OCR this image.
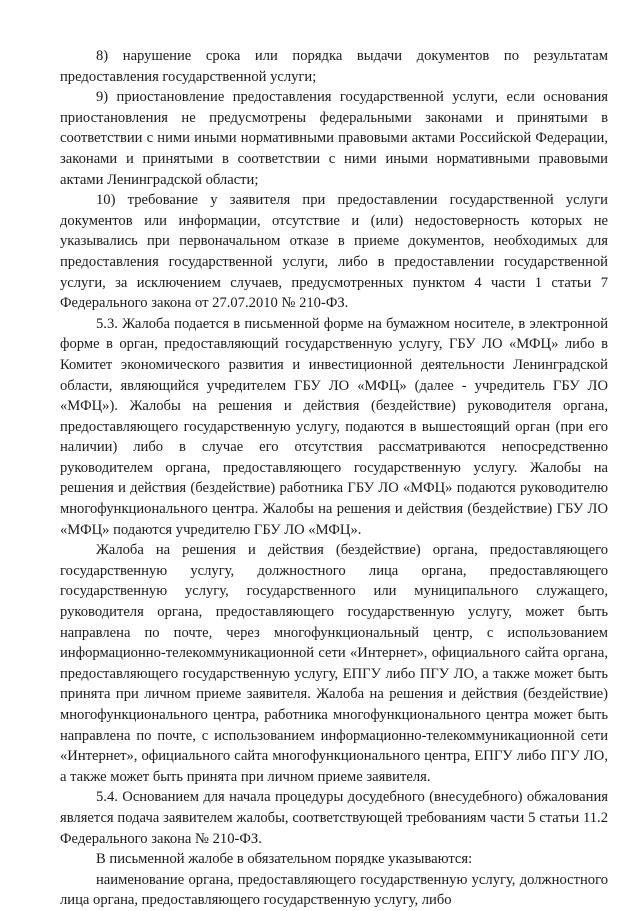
8) нарушение срока или порядка выдачи документов по результатам предоставления государственной услуги;

9) приостановление предоставления государственной услуги, если основания приостановления не предусмотрены федеральными законами и принятыми в соответствии с ними иными нормативными правовыми актами Российской Федерации, законами и принятыми в соответствии с ними иными нормативными правовыми актами Ленинградской области;

10) требование у заявителя при предоставлении государственной услуги документов или информации, отсутствие и (или) недостоверность которых не указывались при первоначальном отказе в приеме документов, необходимых для предоставления государственной услуги, либо в предоставлении государственной услуги, за исключением случаев, предусмотренных пунктом 4 части 1 статьи 7 Федерального закона от 27.07.2010 № 210-ФЗ.

5.3. Жалоба подается в письменной форме на бумажном носителе, в электронной форме в орган, предоставляющий государственную услугу, ГБУ ЛО «МФЦ» либо в Комитет экономического развития и инвестиционной деятельности Ленинградской области, являющийся учредителем ГБУ ЛО «МФЦ» (далее - учредитель ГБУ ЛО «МФЦ»). Жалобы на решения и действия (бездействие) руководителя органа, предоставляющего государственную услугу, подаются в вышестоящий орган (при его наличии) либо в случае его отсутствия рассматриваются непосредственно руководителем органа, предоставляющего государственную услугу. Жалобы на решения и действия (бездействие) работника ГБУ ЛО «МФЦ» подаются руководителю многофункционального центра. Жалобы на решения и действия (бездействие) ГБУ ЛО «МФЦ» подаются учредителю ГБУ ЛО «МФЦ».

Жалоба на решения и действия (бездействие) органа, предоставляющего государственную услугу, должностного лица органа, предоставляющего государственную услугу, государственного или муниципального служащего, руководителя органа, предоставляющего государственную услугу, может быть направлена по почте, через многофункциональный центр, с использованием информационно-телекоммуникационной сети «Интернет», официального сайта органа, предоставляющего государственную услугу, ЕПГУ либо ПГУ ЛО, а также может быть принята при личном приеме заявителя. Жалоба на решения и действия (бездействие) многофункционального центра, работника многофункционального центра может быть направлена по почте, с использованием информационно-телекоммуникационной сети «Интернет», официального сайта многофункционального центра, ЕПГУ либо ПГУ ЛО, а также может быть принята при личном приеме заявителя.

5.4. Основанием для начала процедуры досудебного (внесудебного) обжалования является подача заявителем жалобы, соответствующей требованиям части 5 статьи 11.2 Федерального закона № 210-ФЗ.

В письменной жалобе в обязательном порядке указываются:

наименование органа, предоставляющего государственную услугу, должностного лица органа, предоставляющего государственную услугу, либо
